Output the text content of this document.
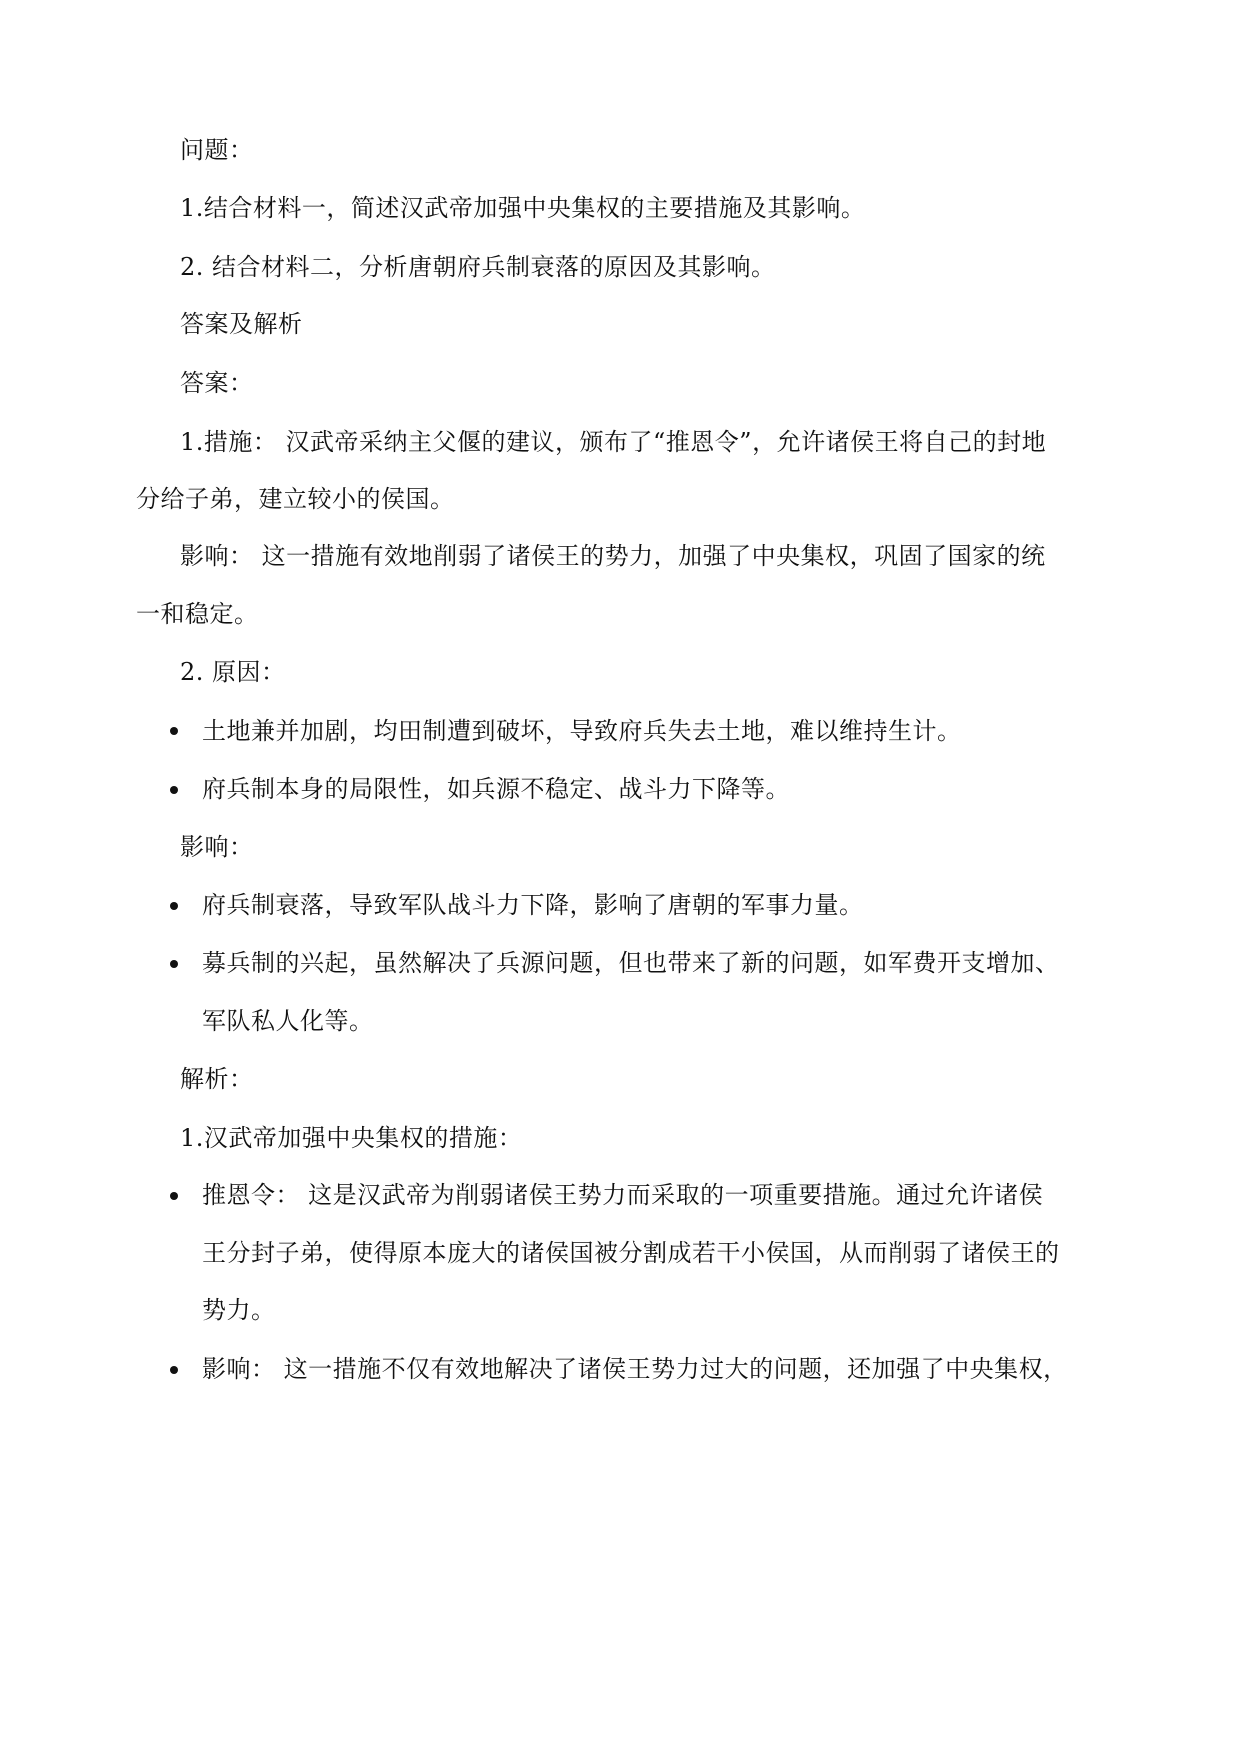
问题：
1.结合材料一，简述汉武帝加强中央集权的主要措施及其影响。
2. 结合材料二，分析唐朝府兵制衰落的原因及其影响。
答案及解析
答案：
1.措施： 汉武帝采纳主父偃的建议，颁布了“推恩令”，允许诸侯王将自己的封地
分给子弟，建立较小的侯国。
影响： 这一措施有效地削弱了诸侯王的势力，加强了中央集权，巩固了国家的统
一和稳定。
2. 原因：
土地兼并加剧，均田制遭到破坏，导致府兵失去土地，难以维持生计。
府兵制本身的局限性，如兵源不稳定、战斗力下降等。
影响：
府兵制衰落，导致军队战斗力下降，影响了唐朝的军事力量。
募兵制的兴起，虽然解决了兵源问题，但也带来了新的问题，如军费开支增加、
军队私人化等。
解析：
1.汉武帝加强中央集权的措施：
推恩令： 这是汉武帝为削弱诸侯王势力而采取的一项重要措施。通过允许诸侯
王分封子弟，使得原本庞大的诸侯国被分割成若干小侯国，从而削弱了诸侯王的
势力。
影响： 这一措施不仅有效地解决了诸侯王势力过大的问题，还加强了中央集权，
